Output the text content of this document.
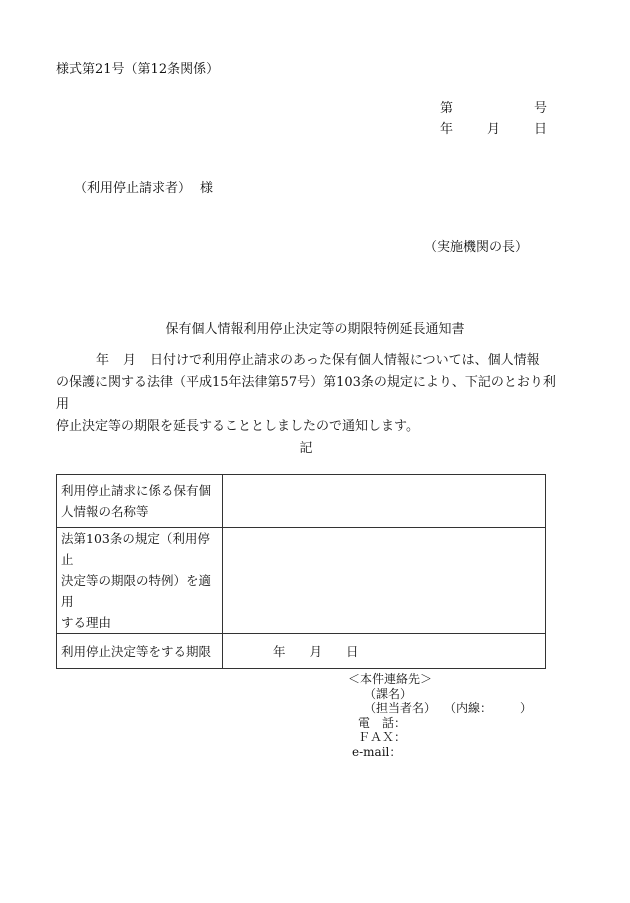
様式第21号（第12条関係）
第	号
年	月	日
（利用停止請求者） 様
（実施機関の長）
保有個人情報利用停止決定等の期限特例延長通知書

年 月 日付けで利用停止請求のあった保有個人情報については、個人情報
の保護に関する法律（平成15年法律第57号）第103条の規定により、下記のとおり利用
停止決定等の期限を延長することとしましたので通知します。

記
利用停止請求に係る保有個
人情報の名称等	

法第103条の規定（利用停止
決定等の期限の特例）を適用
する理由	

利用停止決定等をする期限	年 月 日
＜本件連絡先＞
（課名）
（担当者名） （内線： ）
電　話：
ＦＡＸ：
e-mail：
